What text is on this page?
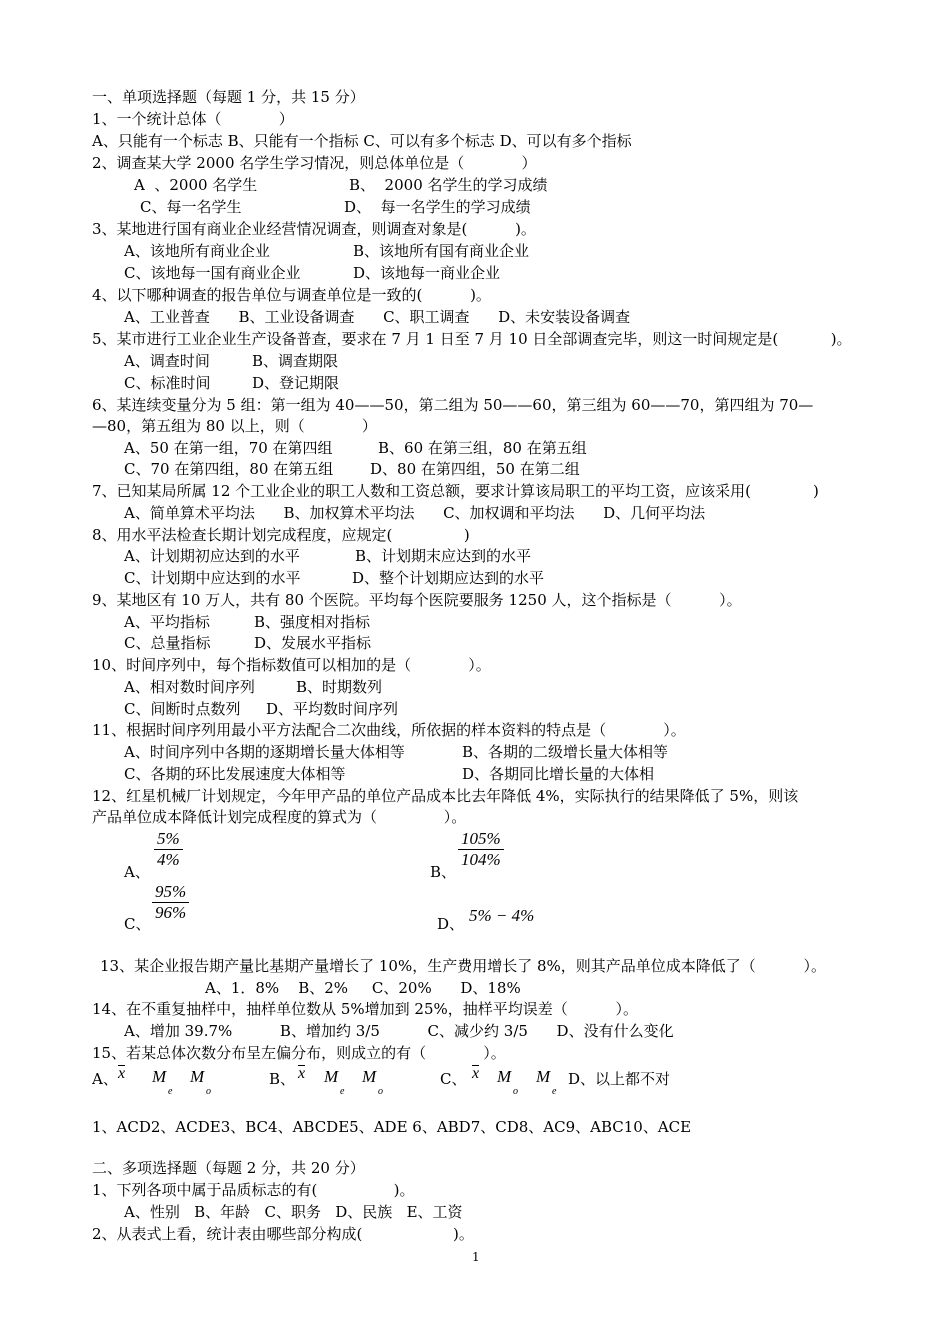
一、单项选择题（每题 1 分，共 15 分）
1、一个统计总体（            ）
A、只能有一个标志 B、只能有一个指标 C、可以有多个标志 D、可以有多个指标
2、调查某大学 2000 名学生学习情况，则总体单位是（            ）
A  、2000 名学生	B、  2000 名学生的学习成绩
C、每一名学生	D、  每一名学生的学习成绩
3、某地进行国有商业企业经营情况调查，则调查对象是(          )。
A、该地所有商业企业	B、该地所有国有商业企业
C、该地每一国有商业企业	D、该地每一商业企业
4、以下哪种调查的报告单位与调查单位是一致的(          )。
A、工业普查      B、工业设备调查      C、职工调查      D、未安装设备调查
5、某市进行工业企业生产设备普查，要求在 7 月 1 日至 7 月 10 日全部调查完毕，则这一时间规定是(           )。
A、调查时间	B、调查期限
C、标准时间	D、登记期限
6、某连续变量分为 5 组：第一组为 40——50，第二组为 50——60，第三组为 60——70，第四组为 70—
—80，第五组为 80 以上，则（            ）
A、50 在第一组，70 在第四组	B、60 在第三组，80 在第五组
C、70 在第四组，80 在第五组 D、80 在第四组，50 在第二组
7、已知某局所属 12 个工业企业的职工人数和工资总额，要求计算该局职工的平均工资，应该采用(             )
A、简单算术平均法      B、加权算术平均法      C、加权调和平均法      D、几何平均法
8、用水平法检查长期计划完成程度，应规定(               )
A、计划期初应达到的水平	B、计划期末应达到的水平
C、计划期中应达到的水平	D、整个计划期应达到的水平
9、某地区有 10 万人，共有 80 个医院。平均每个医院要服务 1250 人，这个指标是（          ）。
A、平均指标	B、强度相对指标
C、总量指标	D、发展水平指标
10、时间序列中，每个指标数值可以相加的是（            ）。
A、相对数时间序列	B、时期数列
C、间断时点数列 D、平均数时间序列
11、根据时间序列用最小平方法配合二次曲线，所依据的样本资料的特点是（            ）。
A、时间序列中各期的逐期增长量大体相等	B、各期的二级增长量大体相等
C、各期的环比发展速度大体相等	D、各期同比增长量的大体相
12、红星机械厂计划规定，今年甲产品的单位产品成本比去年降低 4%，实际执行的结果降低了 5%，则该
产品单位成本降低计划完成程度的算式为（              ）。
A、
5%
4%
B、
105%
104%
C、
95%
96%
D、 5% − 4%
13、某企业报告期产量比基期产量增长了 10%，生产费用增长了 8%，则其产品单位成本降低了（          ）。
A、1．8%    B、2%     C、20%      D、18%
14、在不重复抽样中，抽样单位数从 5%增加到 25%，抽样平均误差（          ）。
A、增加 39.7%          B、增加约 3/5          C、减少约 3/5      D、没有什么变化
15、若某总体次数分布呈左偏分布，则成立的有（            ）。
A、 x M
e
M
o
B、 x M
e
M
o
C、 x M
o
M
e
D、以上都不对
1、ACD2、ACDE3、BC4、ABCDE5、ADE 6、ABD7、CD8、AC9、ABC10、ACE
二、多项选择题（每题 2 分，共 20 分）
1、下列各项中属于品质标志的有(                )。
A、性别   B、年龄   C、职务   D、民族   E、工资
2、从表式上看，统计表由哪些部分构成(                   )。
1
